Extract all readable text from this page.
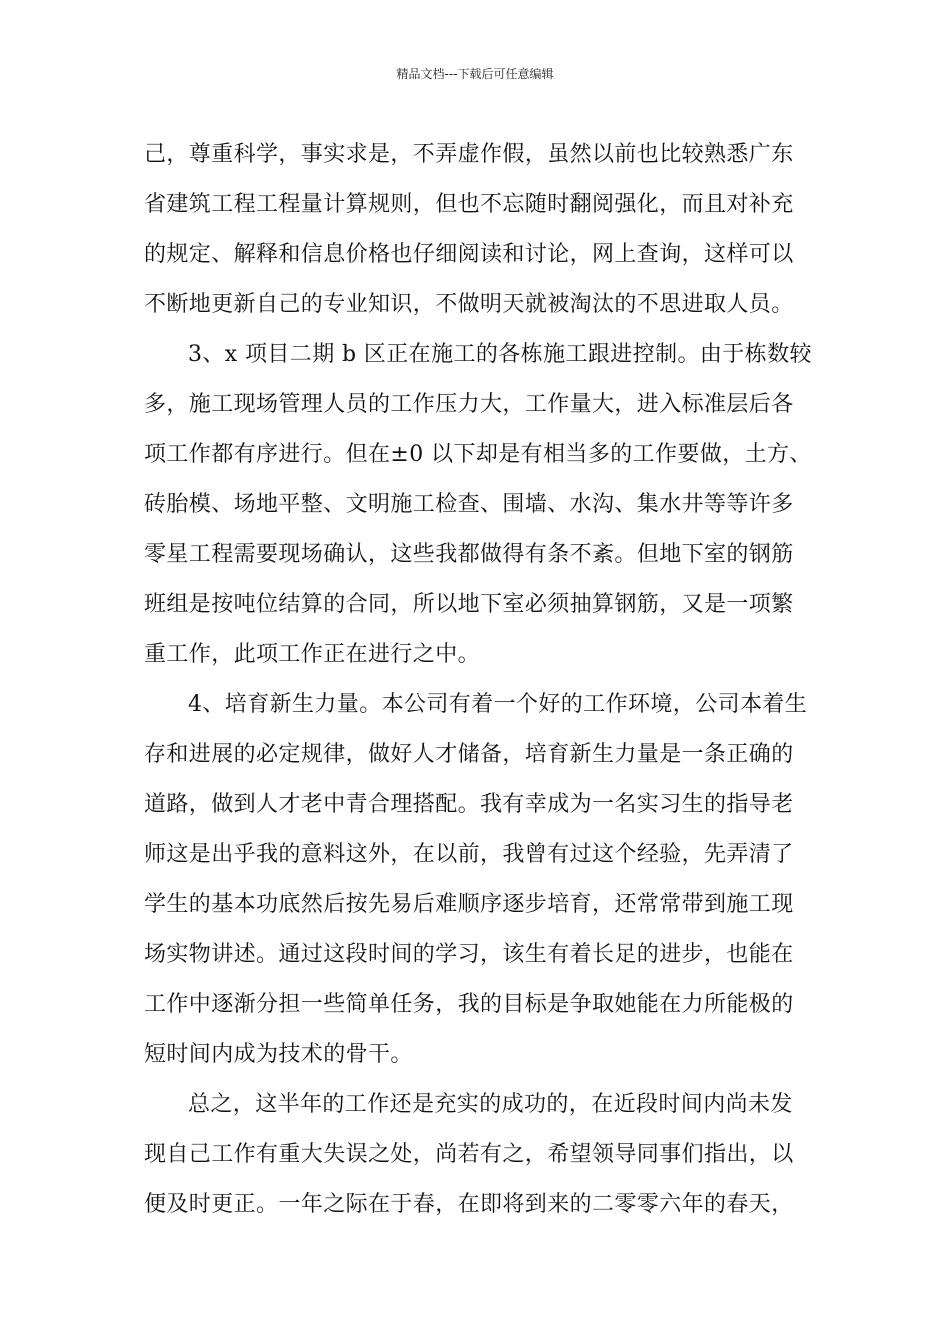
精品文档---下载后可任意编辑
己，尊重科学，事实求是，不弄虚作假，虽然以前也比较熟悉广东
省建筑工程工程量计算规则，但也不忘随时翻阅强化，而且对补充
的规定、解释和信息价格也仔细阅读和讨论，网上查询，这样可以
不断地更新自己的专业知识，不做明天就被淘汰的不思进取人员。
3、x 项目二期 b 区正在施工的各栋施工跟进控制。由于栋数较
多，施工现场管理人员的工作压力大，工作量大，进入标准层后各
项工作都有序进行。但在±0 以下却是有相当多的工作要做，土方、
砖胎模、场地平整、文明施工检查、围墙、水沟、集水井等等许多
零星工程需要现场确认，这些我都做得有条不紊。但地下室的钢筋
班组是按吨位结算的合同，所以地下室必须抽算钢筋，又是一项繁
重工作，此项工作正在进行之中。
4、培育新生力量。本公司有着一个好的工作环境，公司本着生
存和进展的必定规律，做好人才储备，培育新生力量是一条正确的
道路，做到人才老中青合理搭配。我有幸成为一名实习生的指导老
师这是出乎我的意料这外，在以前，我曾有过这个经验，先弄清了
学生的基本功底然后按先易后难顺序逐步培育，还常常带到施工现
场实物讲述。通过这段时间的学习，该生有着长足的进步，也能在
工作中逐渐分担一些简单任务，我的目标是争取她能在力所能极的
短时间内成为技术的骨干。
总之，这半年的工作还是充实的成功的，在近段时间内尚未发
现自己工作有重大失误之处，尚若有之，希望领导同事们指出，以
便及时更正。一年之际在于春，在即将到来的二零零六年的春天，
